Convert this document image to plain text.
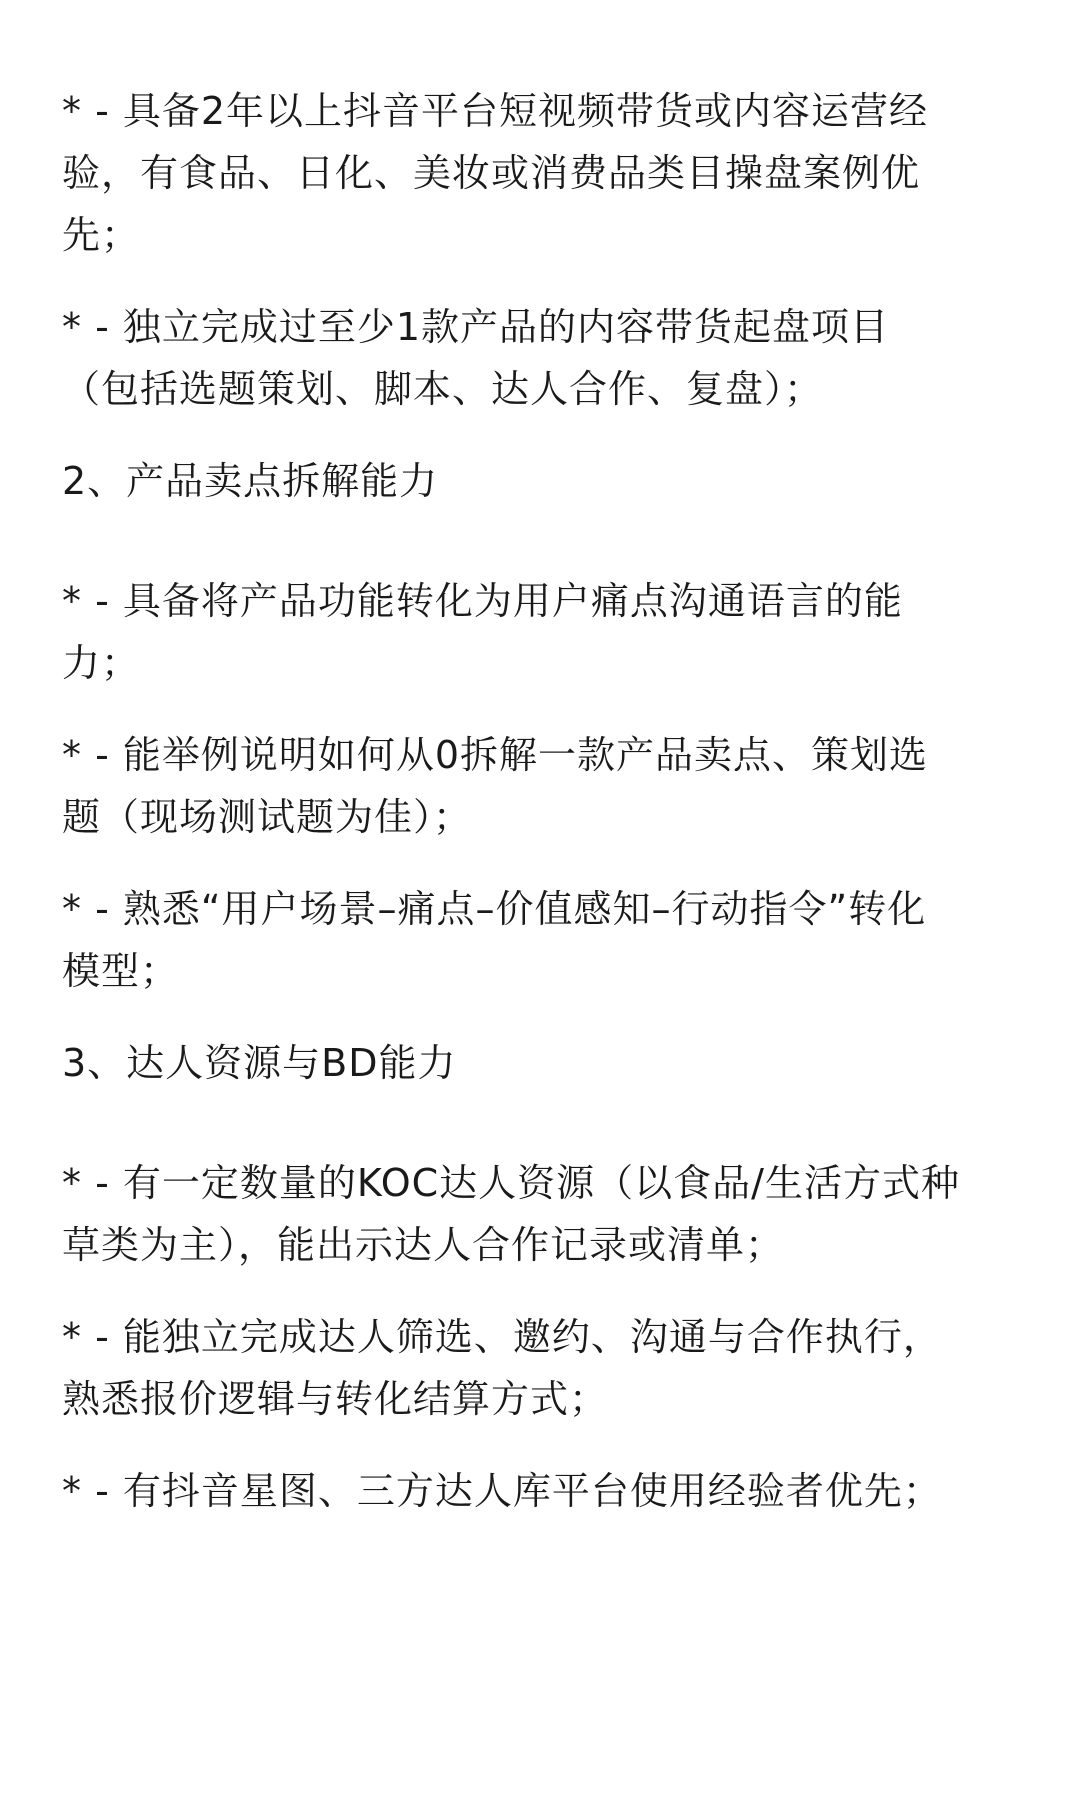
* - 具备2年以上抖音平台短视频带货或内容运营经
验，有食品、日化、美妆或消费品类目操盘案例优
先；

* - 独立完成过至少1款产品的内容带货起盘项目
（包括选题策划、脚本、达人合作、复盘）；

2、产品卖点拆解能力

* - 具备将产品功能转化为用户痛点沟通语言的能
力；

* - 能举例说明如何从0拆解一款产品卖点、策划选
题（现场测试题为佳）；

* - 熟悉“用户场景–痛点–价值感知–行动指令”转化
模型；

3、达人资源与BD能力

* - 有一定数量的KOC达人资源（以食品/生活方式种
草类为主），能出示达人合作记录或清单；

* - 能独立完成达人筛选、邀约、沟通与合作执行，
熟悉报价逻辑与转化结算方式；

* - 有抖音星图、三方达人库平台使用经验者优先；
